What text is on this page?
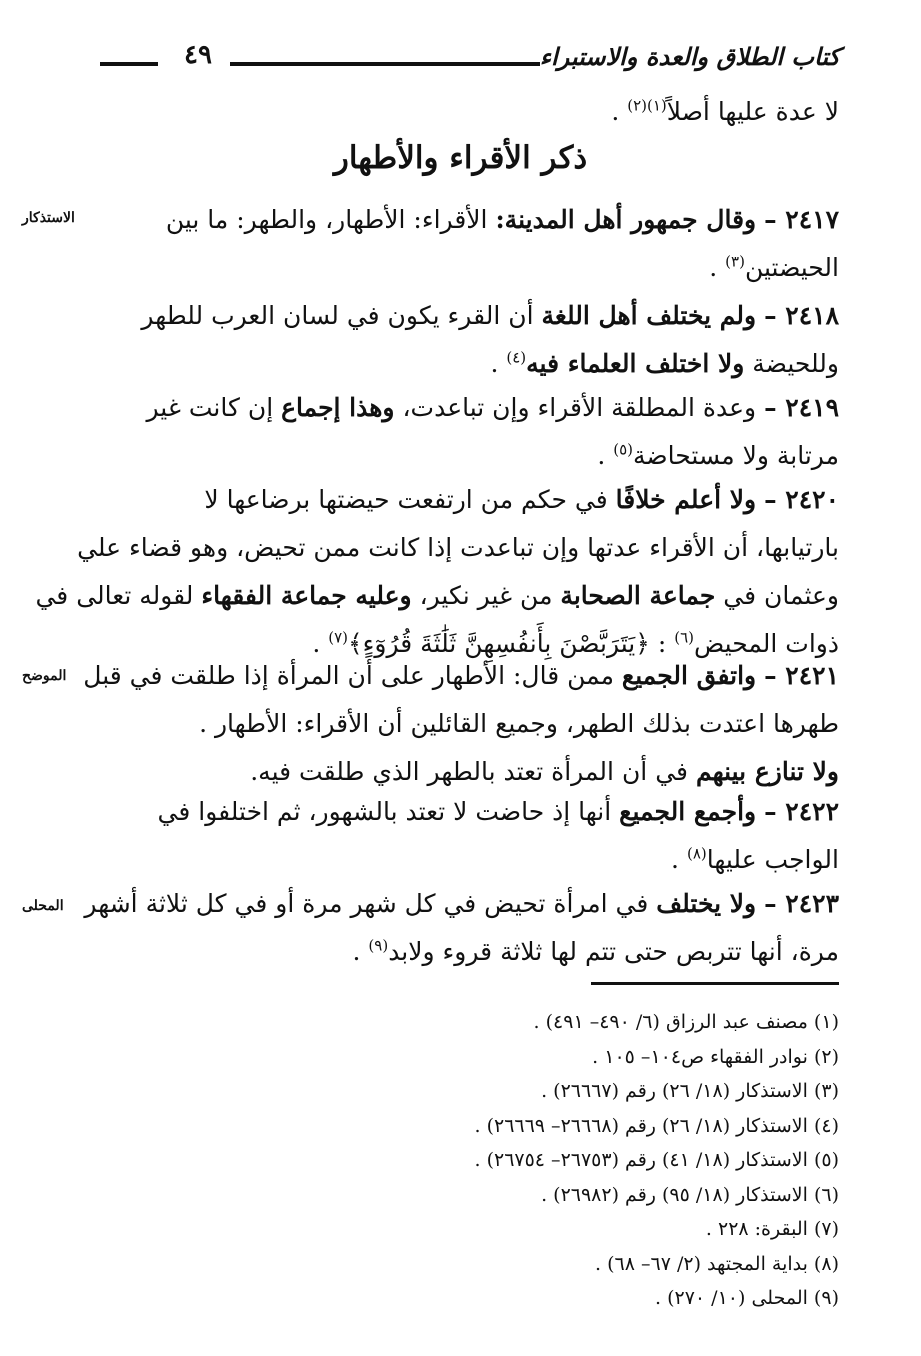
كتاب الطلاق والعدة والاستبراء
٤٩
لا عدة عليها أصلاً$^{(١)(٢)}$ .
ذكر الأقراء والأطهار
الاستذكار	٢٤١٧ – وقال جمهور أهل المدينة: الأقراء: الأطهار، والطهر: ما بين
الحيضتين$^{(٣)}$ .
٢٤١٨ – ولم يختلف أهل اللغة أن القرء يكون في لسان العرب للطهر
وللحيضة ولا اختلف العلماء فيه$^{(٤)}$ .
٢٤١٩ – وعدة المطلقة الأقراء وإن تباعدت، وهذا إجماع إن كانت غير
مرتابة ولا مستحاضة$^{(٥)}$ .
٢٤٢٠ – ولا أعلم خلافًا في حكم من ارتفعت حيضتها برضاعها لا
بارتيابها، أن الأقراء عدتها وإن تباعدت إذا كانت ممن تحيض، وهو قضاء علي
وعثمان في جماعة الصحابة من غير نكير، وعليه جماعة الفقهاء لقوله تعالى في
ذوات المحيض$^{(٦)}$ : ﴿يَتَرَبَّصْنَ بِأَنفُسِهِنَّ ثَلَٰثَةَ قُرُوٓءٍ﴾$^{(٧)}$ .
الموضح	٢٤٢١ – واتفق الجميع ممن قال: الأطهار على أن المرأة إذا طلقت في قبل
طهرها اعتدت بذلك الطهر، وجميع القائلين أن الأقراء: الأطهار .
ولا تنازع بينهم في أن المرأة تعتد بالطهر الذي طلقت فيه.
٢٤٢٢ – وأجمع الجميع أنها إذ حاضت لا تعتد بالشهور، ثم اختلفوا في
الواجب عليها$^{(٨)}$ .
المحلى	٢٤٢٣ – ولا يختلف في امرأة تحيض في كل شهر مرة أو في كل ثلاثة أشهر
مرة، أنها تتربص حتى تتم لها ثلاثة قروء ولابد$^{(٩)}$ .
(١) مصنف عبد الرزاق (٦/ ٤٩٠– ٤٩١) .
(٢) نوادر الفقهاء ص١٠٤– ١٠٥ .
(٣) الاستذكار (١٨/ ٢٦) رقم (٢٦٦٦٧) .
(٤) الاستذكار (١٨/ ٢٦) رقم (٢٦٦٦٨– ٢٦٦٦٩) .
(٥) الاستذكار (١٨/ ٤١) رقم (٢٦٧٥٣– ٢٦٧٥٤) .
(٦) الاستذكار (١٨/ ٩٥) رقم (٢٦٩٨٢) .
(٧) البقرة: ٢٢٨ .
(٨) بداية المجتهد (٢/ ٦٧– ٦٨) .
(٩) المحلى (١٠/ ٢٧٠) .
